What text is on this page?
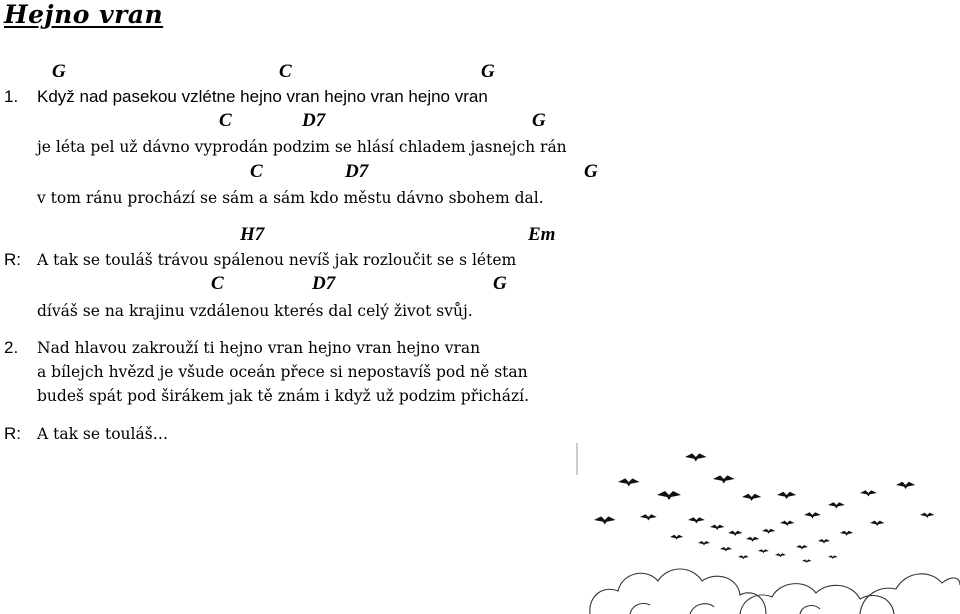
Hejno vran
1.
G	C	G
Když nad pasekou vzlétne hejno vran hejno vran hejno vran
C	D7	G
je léta pel už dávno vyprodán podzim se hlásí chladem jasnejch rán
C	D7	G
v tom ránu prochází se sám a sám kdo městu dávno sbohem dal.
H7	Em
R: A tak se touláš trávou spálenou nevíš jak rozloučit se s létem
C	D7	G
díváš se na krajinu vzdálenou kterés dal celý život svůj.
2. Nad hlavou zakrouží ti hejno vran hejno vran hejno vran
a bílejch hvězd je všude oceán přece si nepostavíš pod ně stan
budeš spát pod širákem jak tě znám i když už podzim přichází.
R: A tak se touláš…
